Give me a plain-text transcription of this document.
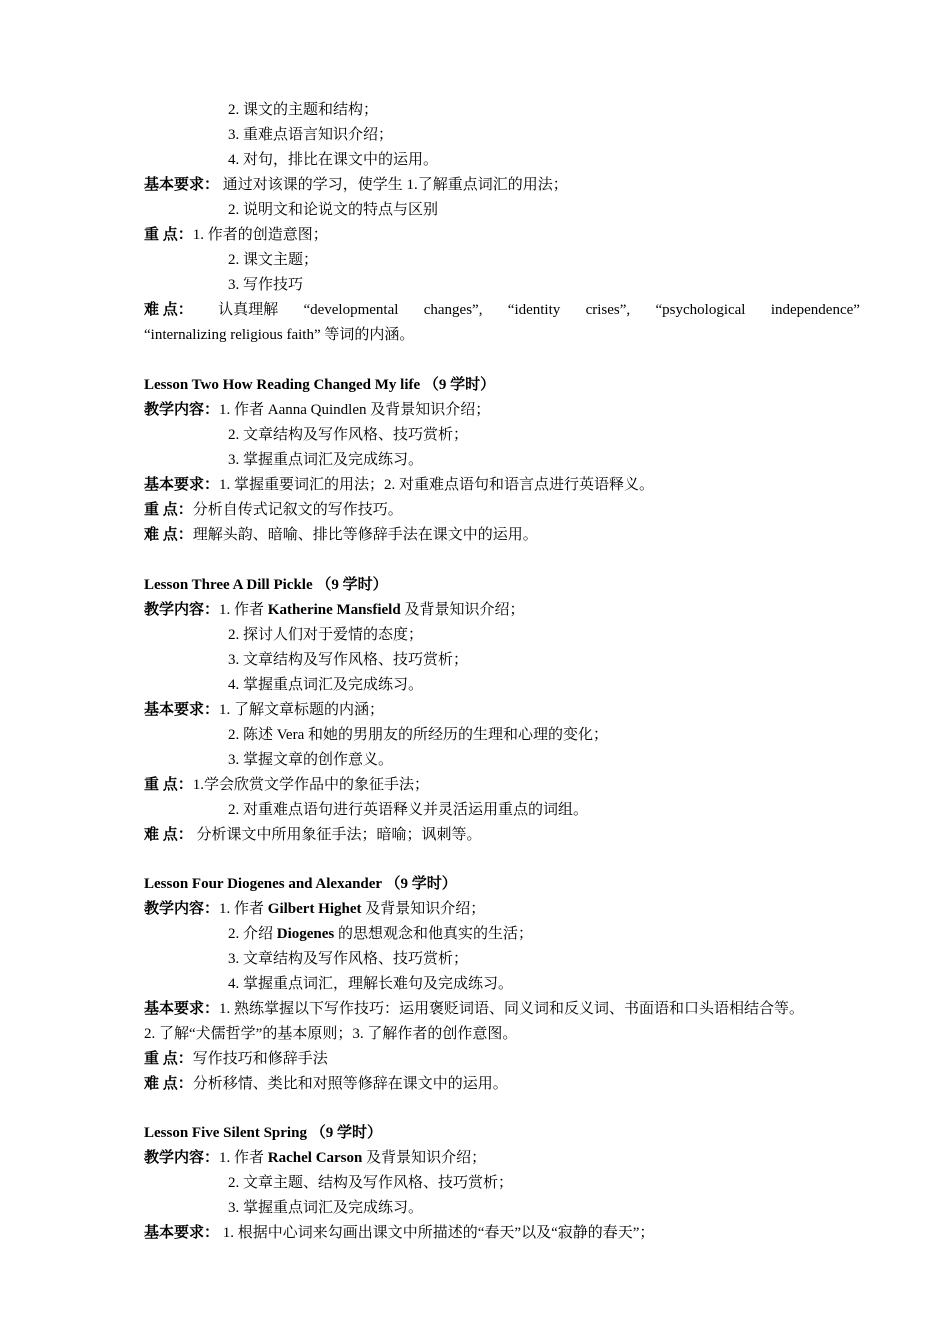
2. 课文的主题和结构；
3. 重难点语言知识介绍；
4. 对句，排比在课文中的运用。
基本要求： 通过对该课的学习，使学生 1.了解重点词汇的用法；
2. 说明文和论说文的特点与区别
重 点：1. 作者的创造意图；
2. 课文主题；
3. 写作技巧
难 点： 认真理解 “developmental changes”, “identity crises”, “psychological independence”
“internalizing religious faith” 等词的内涵。
Lesson Two How Reading Changed My life （9 学时）
教学内容：1. 作者 Aanna Quindlen 及背景知识介绍；
2. 文章结构及写作风格、技巧赏析；
3. 掌握重点词汇及完成练习。
基本要求：1. 掌握重要词汇的用法；2. 对重难点语句和语言点进行英语释义。
重 点：分析自传式记叙文的写作技巧。
难 点：理解头韵、暗喻、排比等修辞手法在课文中的运用。
Lesson Three A Dill Pickle （9 学时）
教学内容：1. 作者 Katherine Mansfield 及背景知识介绍；
2. 探讨人们对于爱情的态度；
3. 文章结构及写作风格、技巧赏析；
4. 掌握重点词汇及完成练习。
基本要求：1. 了解文章标题的内涵；
2. 陈述 Vera 和她的男朋友的所经历的生理和心理的变化；
3. 掌握文章的创作意义。
重 点：1.学会欣赏文学作品中的象征手法；
2. 对重难点语句进行英语释义并灵活运用重点的词组。
难 点： 分析课文中所用象征手法；暗喻；讽刺等。
Lesson Four Diogenes and Alexander （9 学时）
教学内容：1. 作者 Gilbert Highet 及背景知识介绍；
2. 介绍 Diogenes 的思想观念和他真实的生活；
3. 文章结构及写作风格、技巧赏析；
4. 掌握重点词汇，理解长难句及完成练习。
基本要求：1. 熟练掌握以下写作技巧：运用褒贬词语、同义词和反义词、书面语和口头语相结合等。
2. 了解“犬儒哲学”的基本原则；3. 了解作者的创作意图。
重 点：写作技巧和修辞手法
难 点：分析移情、类比和对照等修辞在课文中的运用。
Lesson Five Silent Spring （9 学时）
教学内容：1. 作者 Rachel Carson 及背景知识介绍；
2. 文章主题、结构及写作风格、技巧赏析；
3. 掌握重点词汇及完成练习。
基本要求： 1. 根据中心词来勾画出课文中所描述的“春天”以及“寂静的春天”；
